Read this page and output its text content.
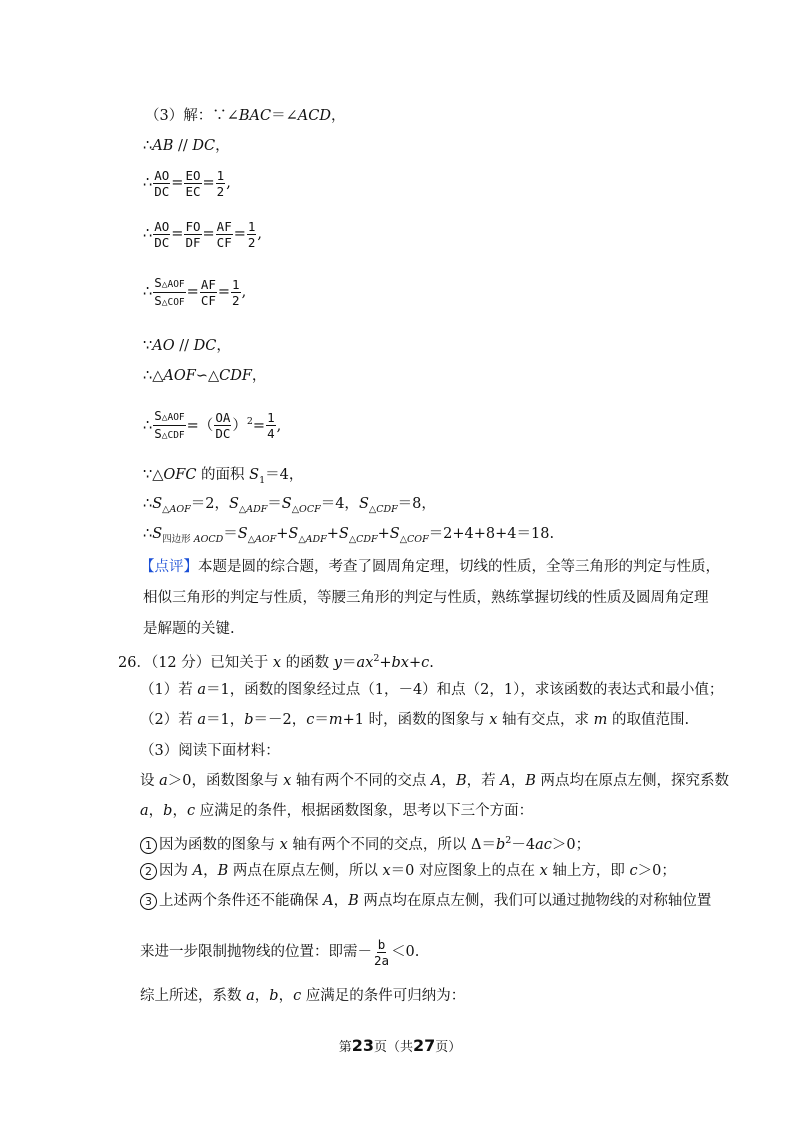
（3）解：∵∠BAC＝∠ACD，
∴AB // DC，
∴ $\frac{AO}{DC} = \frac{EO}{EC} = \frac{1}{2}$ ,
∴ $\frac{AO}{DC} = \frac{FO}{DF} = \frac{AF}{CF} = \frac{1}{2}$ ,
∴
S△AOF
S△COF
= $\frac{AF}{CF} = \frac{1}{2}$ ,
∵AO // DC，
∴△AOF∽△CDF，
∴
S△AOF
S△CDF
=（ $\frac{OA}{DC} )^2= \frac{1}{4}$ ,
∵△OFC 的面积 $S_1=4$，
$\therefore S_{\triangle AOF}=2$，$S_{\triangle ADF}=S_{\triangle OCF}=4$，$S_{\triangle CDF}=8$，
$\therefore S_{四边形 AOCD}=S_{\triangle AOF}+S_{\triangle ADF}+S_{\triangle CDF}+S_{\triangle COF}=2+4+8+4=18$.
【点评】本题是圆的综合题，考查了圆周角定理，切线的性质，全等三角形的判定与性质，
相似三角形的判定与性质，等腰三角形的判定与性质，熟练掌握切线的性质及圆周角定理
是解题的关键.
26．（12 分）已知关于 x 的函数 $y=ax^2+bx+c$.
（1）若 a＝1，函数的图象经过点（1，－4）和点（2，1），求该函数的表达式和最小值；
（2）若 a＝1，b＝－2，c＝m+1 时，函数的图象与 x 轴有交点，求 m 的取值范围.
（3）阅读下面材料：
设 a＞0，函数图象与 x 轴有两个不同的交点 A，B，若 A，B 两点均在原点左侧，探究系数
a，b，c 应满足的条件，根据函数图象，思考以下三个方面：
1 因为函数的图象与 x 轴有两个不同的交点，所以 $\Delta=b^2-4ac>0$；
2 因为 A，B 两点在原点左侧，所以 x＝0 对应图象上的点在 x 轴上方，即 c＞0；
3 上述两个条件还不能确保 A，B 两点均在原点左侧，我们可以通过抛物线的对称轴位置
来进一步限制抛物线的位置：即需－ $\frac{b}{2a} <0$.
综上所述，系数 a，b，c 应满足的条件可归纳为：
第23页（共27页）
